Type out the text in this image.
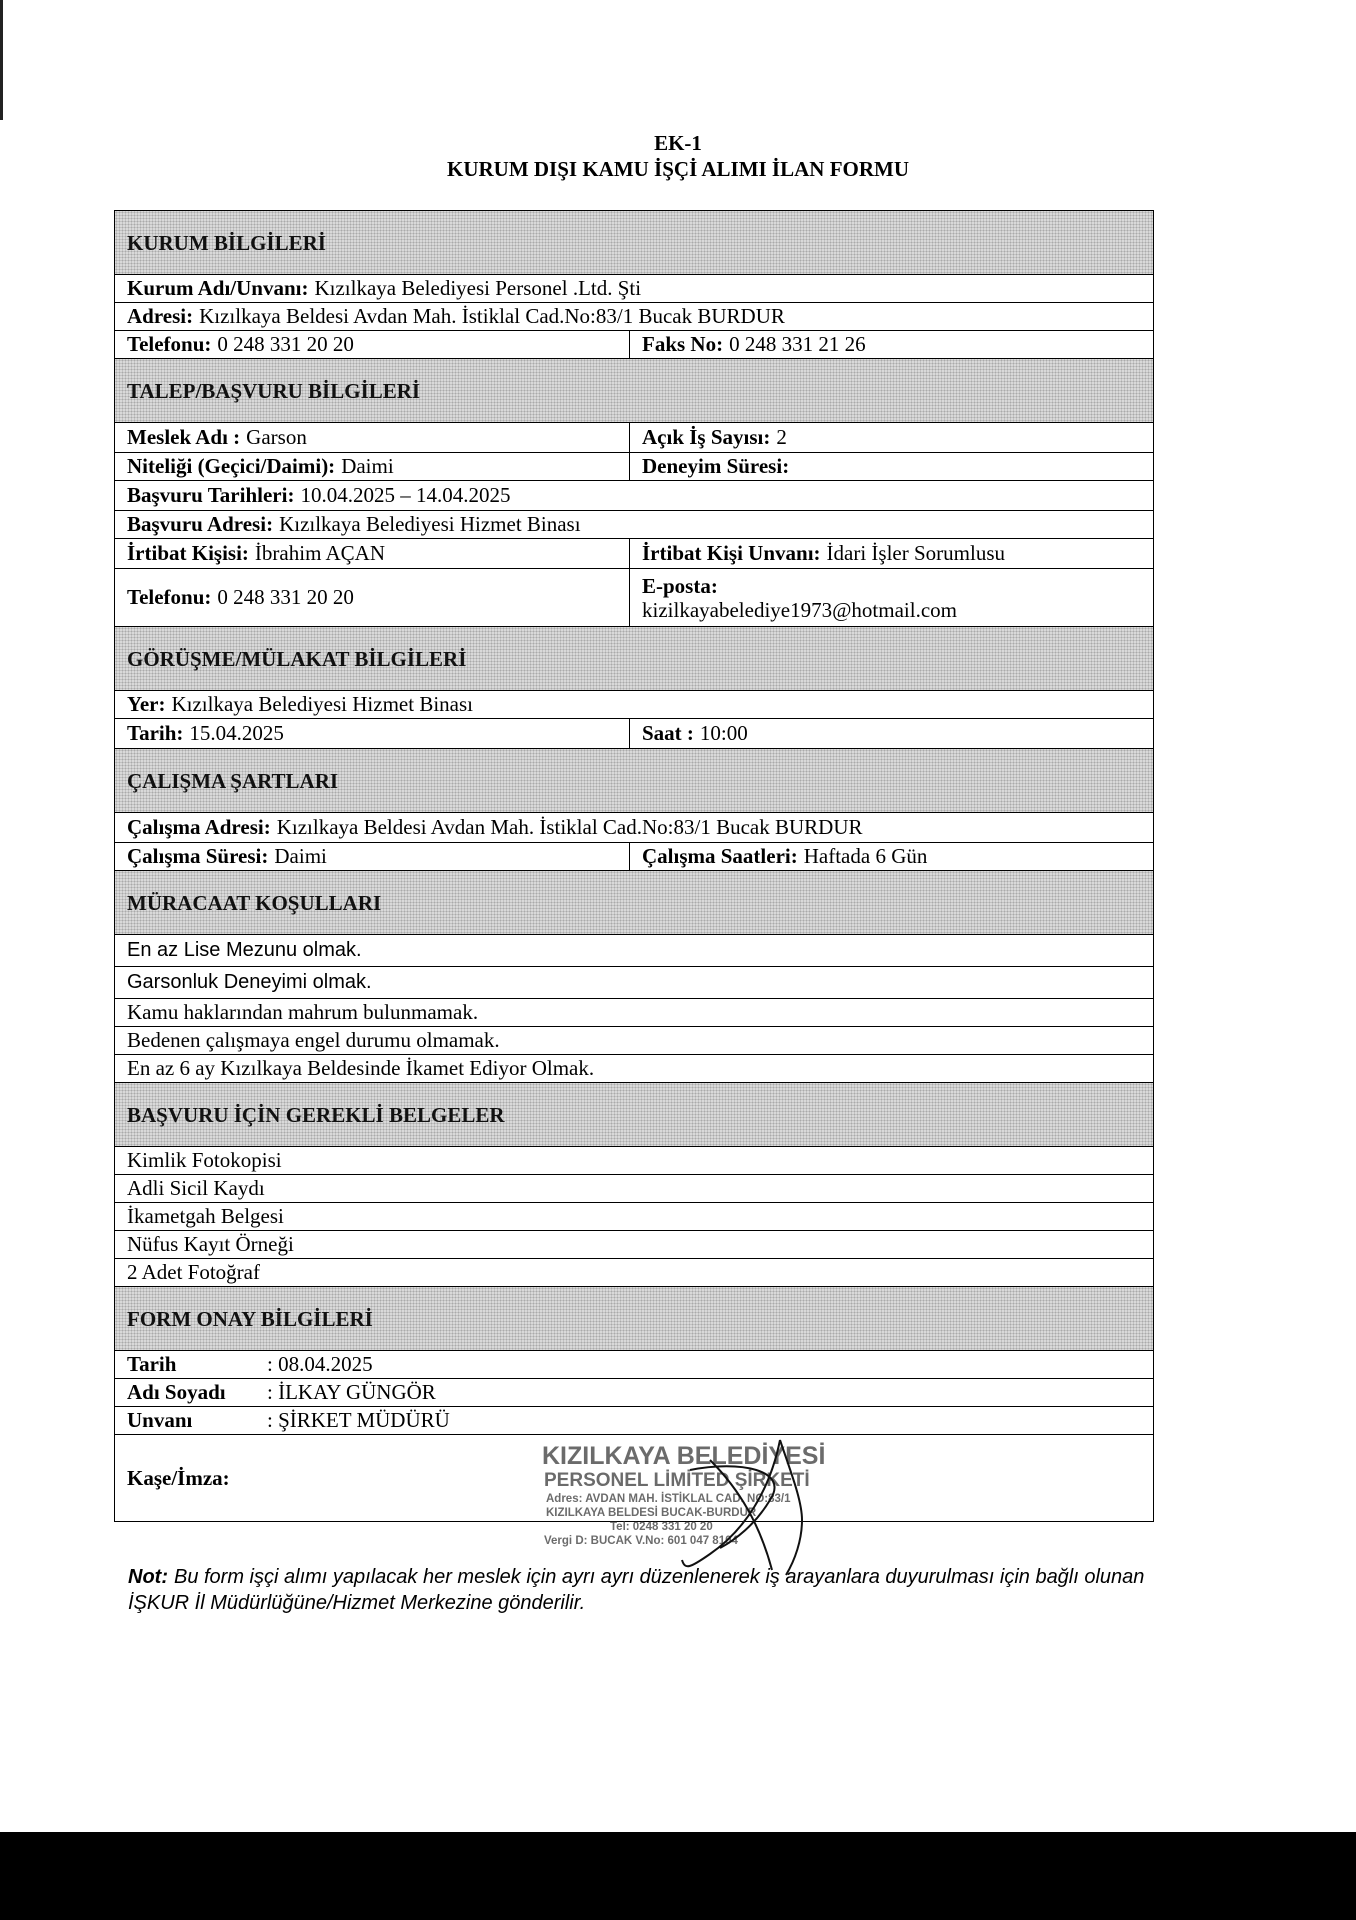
EK-1
KURUM DIŞI KAMU İŞÇİ ALIMI İLAN FORMU
KURUM BİLGİLERİ
Kurum Adı/Unvanı: Kızılkaya Belediyesi Personel .Ltd. Şti
Adresi: Kızılkaya Beldesi Avdan Mah. İstiklal Cad.No:83/1 Bucak BURDUR
Telefonu: 0 248 331 20 20	Faks No: 0 248 331 21 26
TALEP/BAŞVURU BİLGİLERİ
Meslek Adı : Garson	Açık İş Sayısı: 2
Niteliği (Geçici/Daimi): Daimi	Deneyim Süresi:
Başvuru Tarihleri: 10.04.2025 – 14.04.2025
Başvuru Adresi: Kızılkaya Belediyesi Hizmet Binası
İrtibat Kişisi: İbrahim AÇAN	İrtibat Kişi Unvanı: İdari İşler Sorumlusu
Telefonu: 0 248 331 20 20	E-posta:
kizilkayabelediye1973@hotmail.com
GÖRÜŞME/MÜLAKAT BİLGİLERİ
Yer: Kızılkaya Belediyesi Hizmet Binası
Tarih: 15.04.2025	Saat : 10:00
ÇALIŞMA ŞARTLARI
Çalışma Adresi: Kızılkaya Beldesi Avdan Mah. İstiklal Cad.No:83/1 Bucak BURDUR
Çalışma Süresi: Daimi	Çalışma Saatleri: Haftada 6 Gün
MÜRACAAT KOŞULLARI
En az Lise Mezunu olmak.
Garsonluk Deneyimi olmak.
Kamu haklarından mahrum bulunmamak.
Bedenen çalışmaya engel durumu olmamak.
En az 6 ay Kızılkaya Beldesinde İkamet Ediyor Olmak.
BAŞVURU İÇİN GEREKLİ BELGELER
Kimlik Fotokopisi
Adli Sicil Kaydı
İkametgah Belgesi
Nüfus Kayıt Örneği
2 Adet Fotoğraf
FORM ONAY BİLGİLERİ
Tarih	: 08.04.2025
Adı Soyadı	: İLKAY GÜNGÖR
Unvanı	: ŞİRKET MÜDÜRÜ
Kaşe/İmza:
KIZILKAYA BELEDİYESİ
PERSONEL LİMİTED ŞİRKETİ
Adres: AVDAN MAH. İSTİKLAL CAD. NO:83/1
KIZILKAYA BELDESİ BUCAK-BURDUR
Tel: 0248 331 20 20
Vergi D: BUCAK V.No: 601 047 8104
Not: Bu form işçi alımı yapılacak her meslek için ayrı ayrı düzenlenerek iş arayanlara duyurulması için bağlı olunan İŞKUR İl Müdürlüğüne/Hizmet Merkezine gönderilir.
